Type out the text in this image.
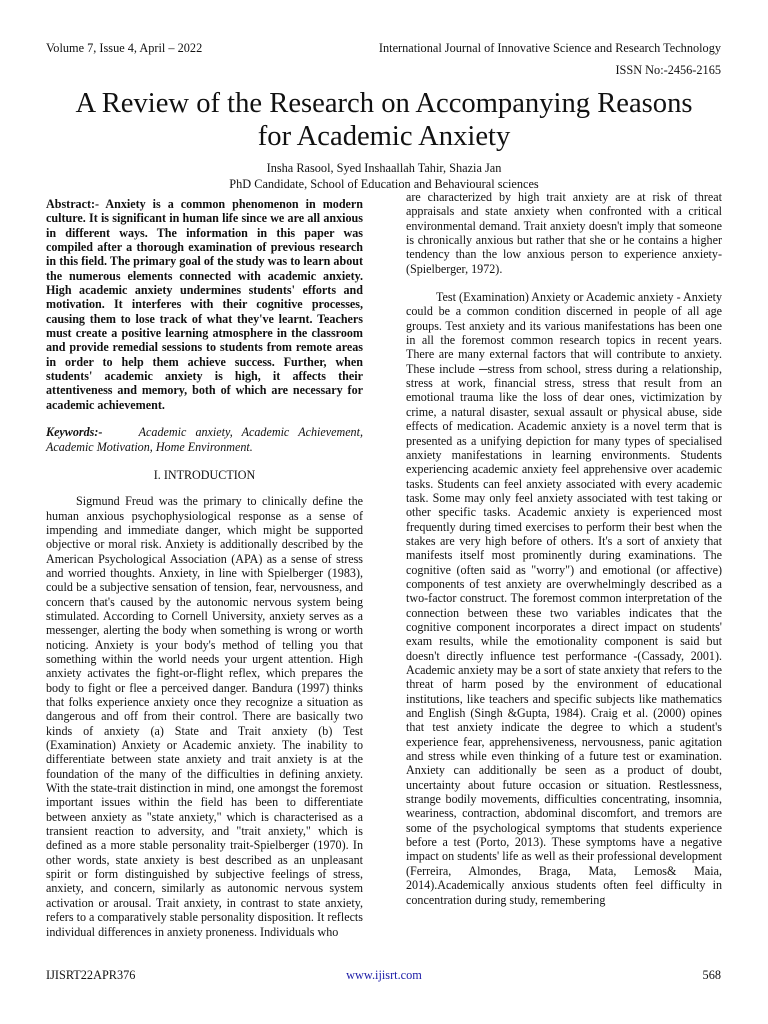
Volume 7, Issue 4, April – 2022	International Journal of Innovative Science and Research Technology
ISSN No:-2456-2165
A Review of the Research on Accompanying Reasons for Academic Anxiety
Insha Rasool, Syed Inshaallah Tahir, Shazia Jan
PhD Candidate, School of Education and Behavioural sciences

Abstract:- Anxiety is a common phenomenon in modern culture. It is significant in human life since we are all anxious in different ways. The information in this paper was compiled after a thorough examination of previous research in this field. The primary goal of the study was to learn about the numerous elements connected with academic anxiety. High academic anxiety undermines students' efforts and motivation. It interferes with their cognitive processes, causing them to lose track of what they've learnt. Teachers must create a positive learning atmosphere in the classroom and provide remedial sessions to students from remote areas in order to help them achieve success. Further, when students' academic anxiety is high, it affects their attentiveness and memory, both of which are necessary for academic achievement.

Keywords:-	Academic anxiety, Academic Achievement, Academic Motivation, Home Environment.

I. INTRODUCTION

Sigmund Freud was the primary to clinically define the human anxious psychophysiological response as a sense of impending and immediate danger, which might be supported objective or moral risk. Anxiety is additionally described by the American Psychological Association (APA) as a sense of stress and worried thoughts. Anxiety, in line with Spielberger (1983), could be a subjective sensation of tension, fear, nervousness, and concern that's caused by the autonomic nervous system being stimulated. According to Cornell University, anxiety serves as a messenger, alerting the body when something is wrong or worth noticing. Anxiety is your body's method of telling you that something within the world needs your urgent attention. High anxiety activates the fight-or-flight reflex, which prepares the body to fight or flee a perceived danger. Bandura (1997) thinks that folks experience anxiety once they recognize a situation as dangerous and off from their control. There are basically two kinds of anxiety (a) State and Trait anxiety (b) Test (Examination) Anxiety or Academic anxiety. The inability to differentiate between state anxiety and trait anxiety is at the foundation of the many of the difficulties in defining anxiety. With the state-trait distinction in mind, one amongst the foremost important issues within the field has been to differentiate between anxiety as "state anxiety," which is characterised as a transient reaction to adversity, and "trait anxiety," which is defined as a more stable personality trait-Spielberger (1970). In other words, state anxiety is best described as an unpleasant spirit or form distinguished by subjective feelings of stress, anxiety, and concern, similarly as autonomic nervous system activation or arousal. Trait anxiety, in contrast to state anxiety, refers to a comparatively stable personality disposition. It reflects individual differences in anxiety proneness. Individuals who

are characterized by high trait anxiety are at risk of threat appraisals and state anxiety when confronted with a critical environmental demand. Trait anxiety doesn't imply that someone is chronically anxious but rather that she or he contains a higher tendency than the low anxious person to experience anxiety-(Spielberger, 1972).

Test (Examination) Anxiety or Academic anxiety - Anxiety could be a common condition discerned in people of all age groups. Test anxiety and its various manifestations has been one in all the foremost common research topics in recent years. There are many external factors that will contribute to anxiety. These include ─stress from school, stress during a relationship, stress at work, financial stress, stress that result from an emotional trauma like the loss of dear ones, victimization by crime, a natural disaster, sexual assault or physical abuse, side effects of medication. Academic anxiety is a novel term that is presented as a unifying depiction for many types of specialised anxiety manifestations in learning environments. Students experiencing academic anxiety feel apprehensive over academic tasks. Students can feel anxiety associated with every academic task. Some may only feel anxiety associated with test taking or other specific tasks. Academic anxiety is experienced most frequently during timed exercises to perform their best when the stakes are very high before of others. It's a sort of anxiety that manifests itself most prominently during examinations. The cognitive (often said as "worry") and emotional (or affective) components of test anxiety are overwhelmingly described as a two-factor construct. The foremost common interpretation of the connection between these two variables indicates that the cognitive component incorporates a direct impact on students' exam results, while the emotionality component is said but doesn't directly influence test performance -(Cassady, 2001). Academic anxiety may be a sort of state anxiety that refers to the threat of harm posed by the environment of educational institutions, like teachers and specific subjects like mathematics and English (Singh &Gupta, 1984). Craig et al. (2000) opines that test anxiety indicate the degree to which a student's experience fear, apprehensiveness, nervousness, panic agitation and stress while even thinking of a future test or examination. Anxiety can additionally be seen as a product of doubt, uncertainty about future occasion or situation. Restlessness, strange bodily movements, difficulties concentrating, insomnia, weariness, contraction, abdominal discomfort, and tremors are some of the psychological symptoms that students experience before a test (Porto, 2013). These symptoms have a negative impact on students' life as well as their professional development (Ferreira, Almondes, Braga, Mata, Lemos& Maia, 2014).Academically anxious students often feel difficulty in concentration during study, remembering

IJISRT22APR376	www.ijisrt.com	568
